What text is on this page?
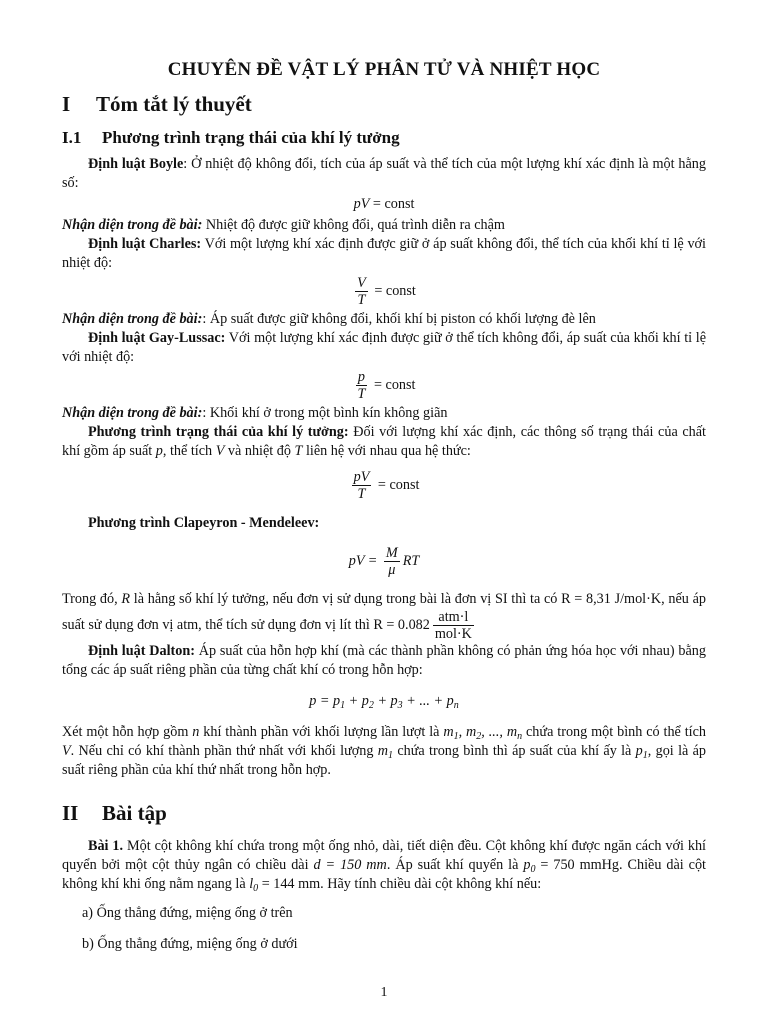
CHUYÊN ĐỀ VẬT LÝ PHÂN TỬ VÀ NHIỆT HỌC
I Tóm tắt lý thuyết
I.1 Phương trình trạng thái của khí lý tưởng

Định luật Boyle: Ở nhiệt độ không đổi, tích của áp suất và thể tích của một lượng khí xác định là một hằng số:

pV = const

Nhận diện trong đề bài: Nhiệt độ được giữ không đổi, quá trình diễn ra chậm

Định luật Charles: Với một lượng khí xác định được giữ ở áp suất không đổi, thể tích của khối khí tỉ lệ với nhiệt độ:

$\frac{V}{T}$ = const

Nhận diện trong đề bài:: Áp suất được giữ không đổi, khối khí bị piston có khối lượng đè lên

Định luật Gay-Lussac: Với một lượng khí xác định được giữ ở thể tích không đổi, áp suất của khối khí tỉ lệ với nhiệt độ:

$\frac{p}{T}$ = const

Nhận diện trong đề bài:: Khối khí ở trong một bình kín không giãn

Phương trình trạng thái của khí lý tưởng: Đối với lượng khí xác định, các thông số trạng thái của chất khí gồm áp suất p, thể tích V và nhiệt độ T liên hệ với nhau qua hệ thức:

$\frac{pV}{T}$ = const

Phương trình Clapeyron - Mendeleev:

pV = $\frac{M}{\mu}$ RT

Trong đó, R là hằng số khí lý tưởng, nếu đơn vị sử dụng trong bài là đơn vị SI thì ta có R = 8,31 J/mol·K, nếu áp suất sử dụng đơn vị atm, thể tích sử dụng đơn vị lít thì $R = 0.082 \frac{\text{atm·l}}{\text{mol·K}}$

Định luật Dalton: Áp suất của hỗn hợp khí (mà các thành phần không có phản ứng hóa học với nhau) bằng tổng các áp suất riêng phần của từng chất khí có trong hỗn hợp:

$p = p_1 + p_2 + p_3$ + ... + $p_n$

Xét một hỗn hợp gồm n khí thành phần với khối lượng lần lượt là $m_1$, $m_2$, ..., $m_n$ chứa trong một bình có thể tích V. Nếu chỉ có khí thành phần thứ nhất với khối lượng $m_1$ chứa trong bình thì áp suất của khí ấy là $p_1$, gọi là áp suất riêng phần của khí thứ nhất trong hỗn hợp.

II Bài tập

Bài 1. Một cột không khí chứa trong một ống nhỏ, dài, tiết diện đều. Cột không khí được ngăn cách với khí quyển bởi một cột thủy ngân có chiều dài d = 150 mm. Áp suất khí quyển là $p_0 = 750$ mmHg. Chiều dài cột không khí khi ống nằm ngang là $l_0 = 144$ mm. Hãy tính chiều dài cột không khí nếu:

a) Ống thẳng đứng, miệng ống ở trên
b) Ống thẳng đứng, miệng ống ở dưới
1
